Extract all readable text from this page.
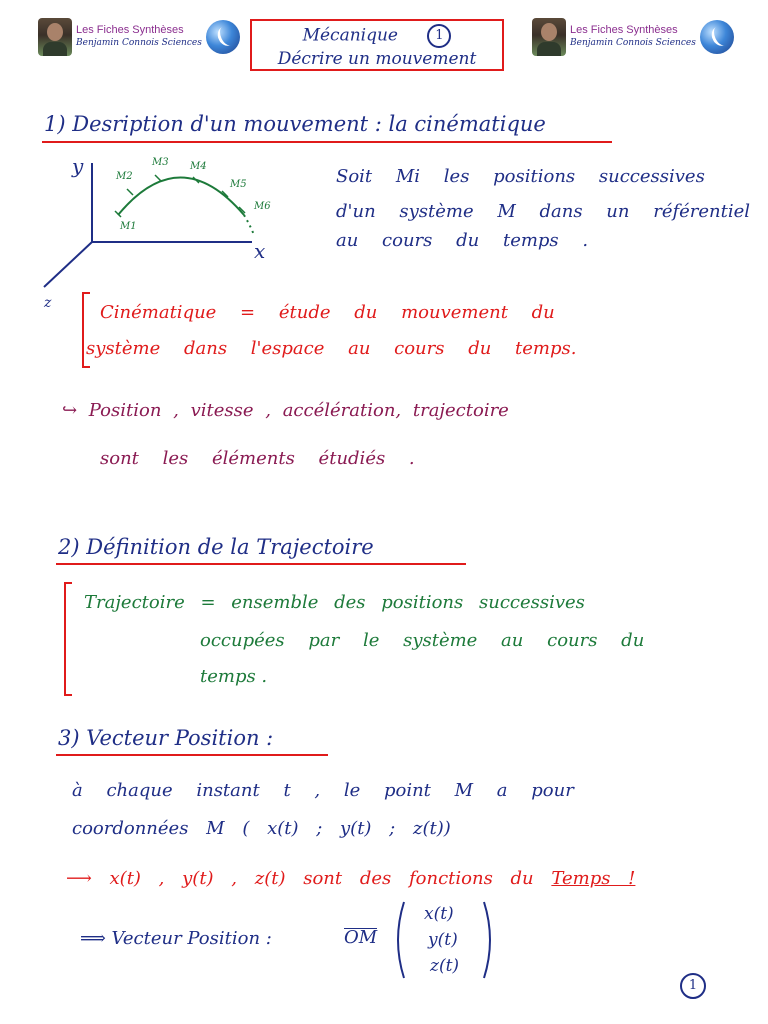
Les Fiches Synthèses
Benjamin Connois Sciences	Mécanique	1
Décrire un mouvement
Les Fiches Synthèses
Benjamin Connois Sciences
1) Desription d'un mouvement : la cinématique
y
x
z
M1
M2
M3 M4
M5
M6
Soit Mi les positions successives
d'un système M dans un référentiel
au cours du temps .
Cinématique = étude du mouvement du
système dans l'espace au cours du temps.
↪ Position , vitesse , accélération, trajectoire
sont les éléments étudiés .
2) Définition de la Trajectoire
Trajectoire = ensemble des positions successives
occupées par le système au cours du
temps .
3) Vecteur Position :
à chaque instant t , le point M a pour
coordonnées M ( x(t) ; y(t) ; z(t))
⟶ x(t) , y(t) , z(t) sont des fonctions du Temps !
⟹ Vecteur Position :	OM
x(t)
y(t)
z(t)
1
